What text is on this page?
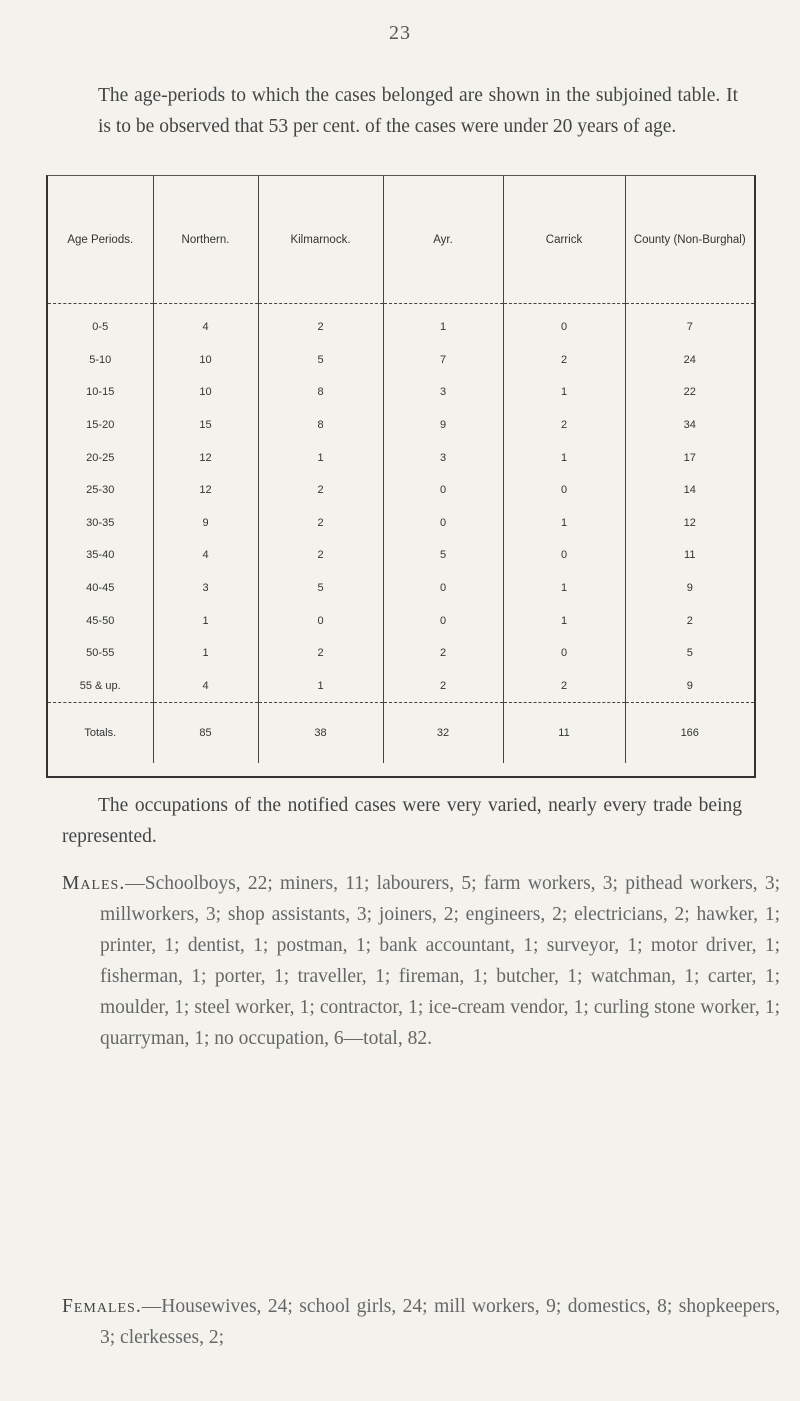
23

The age-periods to which the cases belonged are shown in the subjoined table. It is to be observed that 53 per cent. of the cases were under 20 years of age.

Age Periods.	Northern.	Kilmarnock.	Ayr.	Carrick	County (Non-Burghal)
0-5	4	2	1	0	7
5-10	10	5	7	2	24
10-15	10	8	3	1	22
15-20	15	8	9	2	34
20-25	12	1	3	1	17
25-30	12	2	0	0	14
30-35	9	2	0	1	12
35-40	4	2	5	0	11
40-45	3	5	0	1	9
45-50	1	0	0	1	2
50-55	1	2	2	0	5
55 & up.	4	1	2	2	9
Totals.	85	38	32	11	166

The occupations of the notified cases were very varied, nearly every trade being represented.

Males.—Schoolboys, 22; miners, 11; labourers, 5; farm workers, 3; pithead workers, 3; millworkers, 3; shop assistants, 3; joiners, 2; engineers, 2; electricians, 2; hawker, 1; printer, 1; dentist, 1; postman, 1; bank accountant, 1; surveyor, 1; motor driver, 1; fisherman, 1; porter, 1; traveller, 1; fireman, 1; butcher, 1; watchman, 1; carter, 1; moulder, 1; steel worker, 1; contractor, 1; ice-cream vendor, 1; curling stone worker, 1; quarryman, 1; no occupation, 6—total, 82.

Females.—Housewives, 24; school girls, 24; mill workers, 9; domestics, 8; shopkeepers, 3; clerkesses, 2;
